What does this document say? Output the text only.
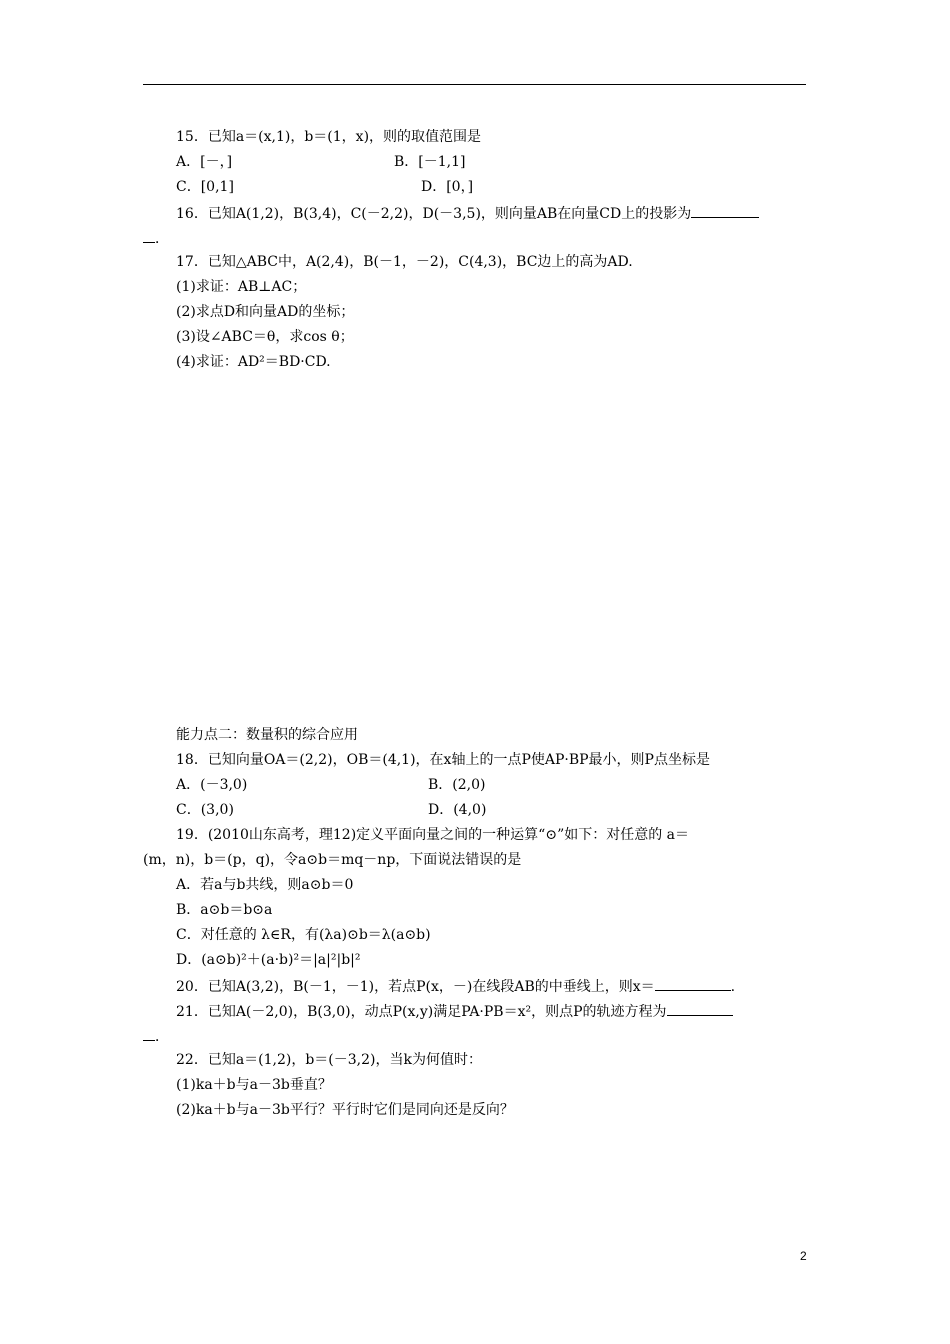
15．已知a＝(x,1)，b＝(1，x)，则的取值范围是
A．[－，]	B．[－1,1]
C．[0,1]	D．[0，]
16．已知A(1,2)，B(3,4)，C(－2,2)，D(－3,5)，则向量AB在向量CD上的投影为
．
17．已知△ABC中，A(2,4)，B(－1，－2)，C(4,3)，BC边上的高为AD.
(1)求证：AB⊥AC；
(2)求点D和向量AD的坐标；
(3)设∠ABC＝θ，求cos θ；
(4)求证：AD²＝BD·CD.
能力点二：数量积的综合应用
18．已知向量OA＝(2,2)，OB＝(4,1)，在x轴上的一点P使AP·BP最小，则P点坐标是
A．(－3,0)	B．(2,0)
C．(3,0)	D．(4,0)
19．(2010山东高考，理12)定义平面向量之间的一种运算“⊙”如下：对任意的 a＝
(m，n)，b＝(p，q)，令a⊙b＝mq－np，下面说法错误的是
A．若a与b共线，则a⊙b＝0
B．a⊙b＝b⊙a
C．对任意的 λ∈R，有(λa)⊙b＝λ(a⊙b)
D．(a⊙b)²＋(a·b)²＝|a|²|b|²
20．已知A(3,2)，B(－1，－1)，若点P(x，－)在线段AB的中垂线上，则x＝	.
21．已知A(－2,0)，B(3,0)，动点P(x,y)满足PA·PB＝x²，则点P的轨迹方程为
．
22．已知a＝(1,2)，b＝(－3,2)，当k为何值时：
(1)ka＋b与a－3b垂直？
(2)ka＋b与a－3b平行？平行时它们是同向还是反向？
2
